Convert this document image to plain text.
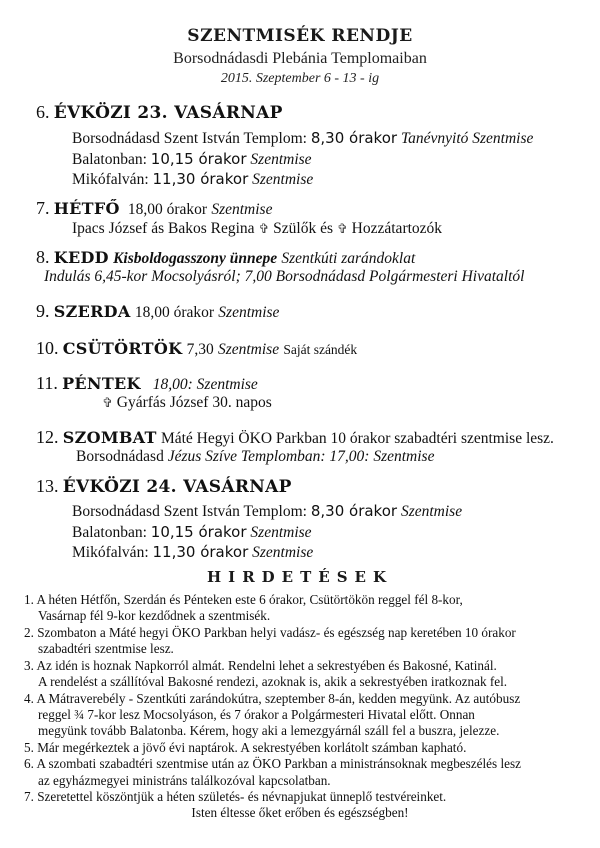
SZENTMISÉK RENDJE
Borsodnádasdi Plebánia Templomaiban
2015. Szeptember 6 - 13 - ig
6. ÉVKÖZI 23. VASÁRNAP
Borsodnádasd Szent István Templom: 8,30 órakor Tanévnyitó Szentmise
Balatonban: 10,15 órakor Szentmise
Mikófalván: 11,30 órakor Szentmise
7. HÉTFŐ 18,00 órakor Szentmise
Ipacs József ás Bakos Regina ✞ Szülők és ✞ Hozzátartozók
8. KEDD Kisboldogasszony ünnepe Szentkúti zarándoklat
Indulás 6,45-kor Mocsolyásról; 7,00 Borsodnádasd Polgármesteri Hivataltól
9. SZERDA 18,00 órakor Szentmise
10. CSÜTÖRTÖK 7,30 Szentmise Saját szándék
11. PÉNTEK 18,00: Szentmise
✞ Gyárfás József 30. napos
12. SZOMBAT Máté Hegyi ÖKO Parkban 10 órakor szabadtéri szentmise lesz.
Borsodnádasd Jézus Szíve Templomban: 17,00: Szentmise
13. ÉVKÖZI 24. VASÁRNAP
Borsodnádasd Szent István Templom: 8,30 órakor Szentmise
Balatonban: 10,15 órakor Szentmise
Mikófalván: 11,30 órakor Szentmise
HIRDETÉSEK
1. A héten Hétfőn, Szerdán és Pénteken este 6 órakor, Csütörtökön reggel fél 8-kor,
Vasárnap fél 9-kor kezdődnek a szentmisék.
2. Szombaton a Máté hegyi ÖKO Parkban helyi vadász- és egészség nap keretében 10 órakor
szabadtéri szentmise lesz.
3. Az idén is hoznak Napkorról almát. Rendelni lehet a sekrestyében és Bakosné, Katinál.
A rendelést a szállítóval Bakosné rendezi, azoknak is, akik a sekrestyében iratkoznak fel.
4. A Mátraverebély - Szentkúti zarándokútra, szeptember 8-án, kedden megyünk. Az autóbusz
reggel ¾ 7-kor lesz Mocsolyáson, és 7 órakor a Polgármesteri Hivatal előtt. Onnan
megyünk tovább Balatonba. Kérem, hogy aki a lemezgyárnál száll fel a buszra, jelezze.
5. Már megérkeztek a jövő évi naptárok. A sekrestyében korlátolt számban kapható.
6. A szombati szabadtéri szentmise után az ÖKO Parkban a ministránsoknak megbeszélés lesz
az egyházmegyei ministráns találkozóval kapcsolatban.
7. Szeretettel köszöntjük a héten születés- és névnapjukat ünneplő testvéreinket.
Isten éltesse őket erőben és egészségben!
